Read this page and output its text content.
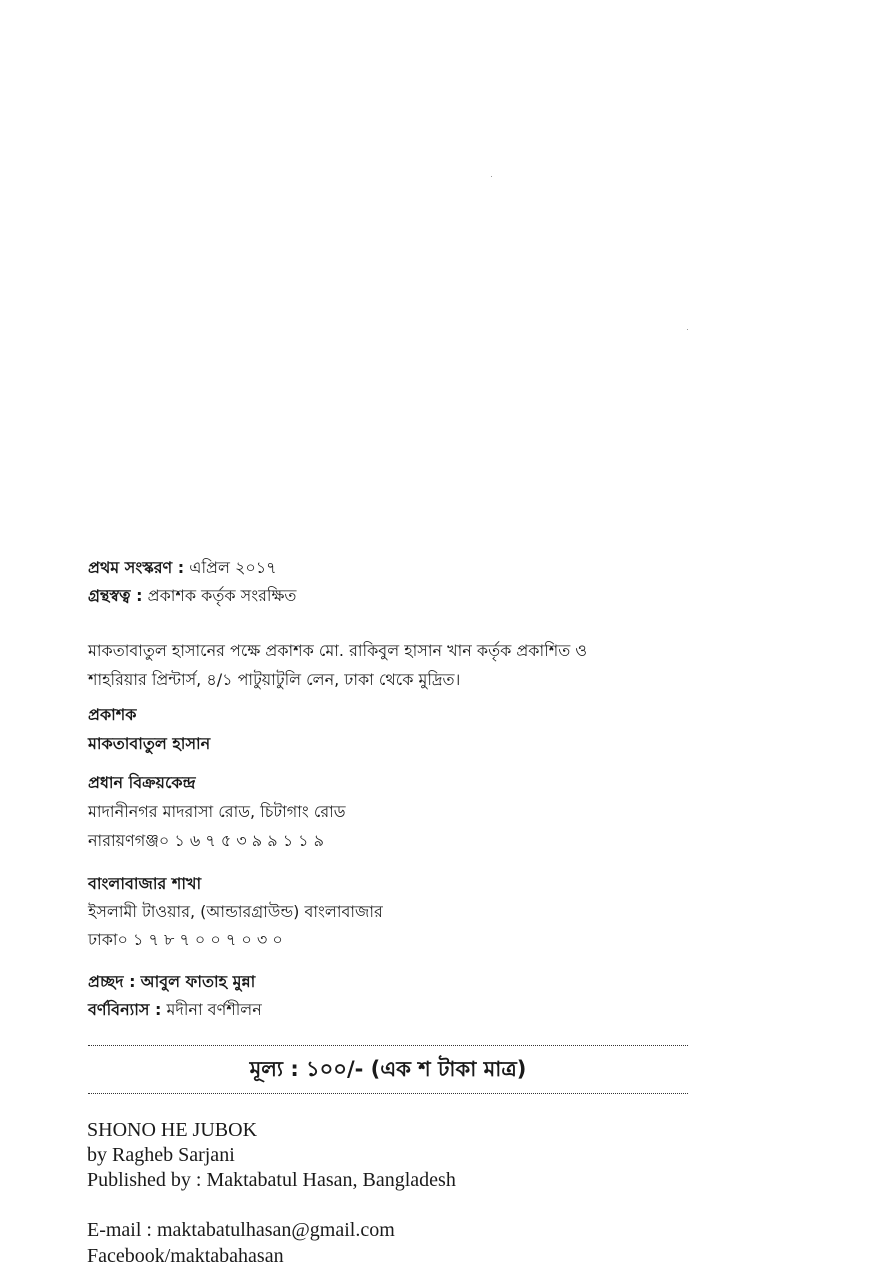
প্রথম সংস্করণ : এপ্রিল ২০১৭
গ্রন্থস্বত্ব : প্রকাশক কর্তৃক সংরক্ষিত
মাকতাবাতুল হাসানের পক্ষে প্রকাশক মো. রাকিবুল হাসান খান কর্তৃক প্রকাশিত ও
শাহরিয়ার প্রিন্টার্স, ৪/১ পাটুয়াটুলি লেন, ঢাকা থেকে মুদ্রিত।
প্রকাশক
মাকতাবাতুল হাসান
প্রধান বিক্রয়কেন্দ্র
মাদানীনগর মাদরাসা রোড, চিটাগাং রোড
নারায়ণগঞ্জ০ ১ ৬ ৭ ৫ ৩ ৯ ৯ ১ ১ ৯
বাংলাবাজার শাখা
ইসলামী টাওয়ার, (আন্ডারগ্রাউন্ড) বাংলাবাজার
ঢাকা০ ১ ৭ ৮ ৭ ০ ০ ৭ ০ ৩ ০
প্রচ্ছদ : আবুল ফাতাহ মুন্না
বর্ণবিন্যাস : মদীনা বর্ণশীলন
মূল্য : ১০০/- (এক শ টাকা মাত্র)
SHONO HE JUBOK
by Ragheb Sarjani
Published by : Maktabatul Hasan, Bangladesh
E-mail : maktabatulhasan@gmail.com
Facebook/maktabahasan
